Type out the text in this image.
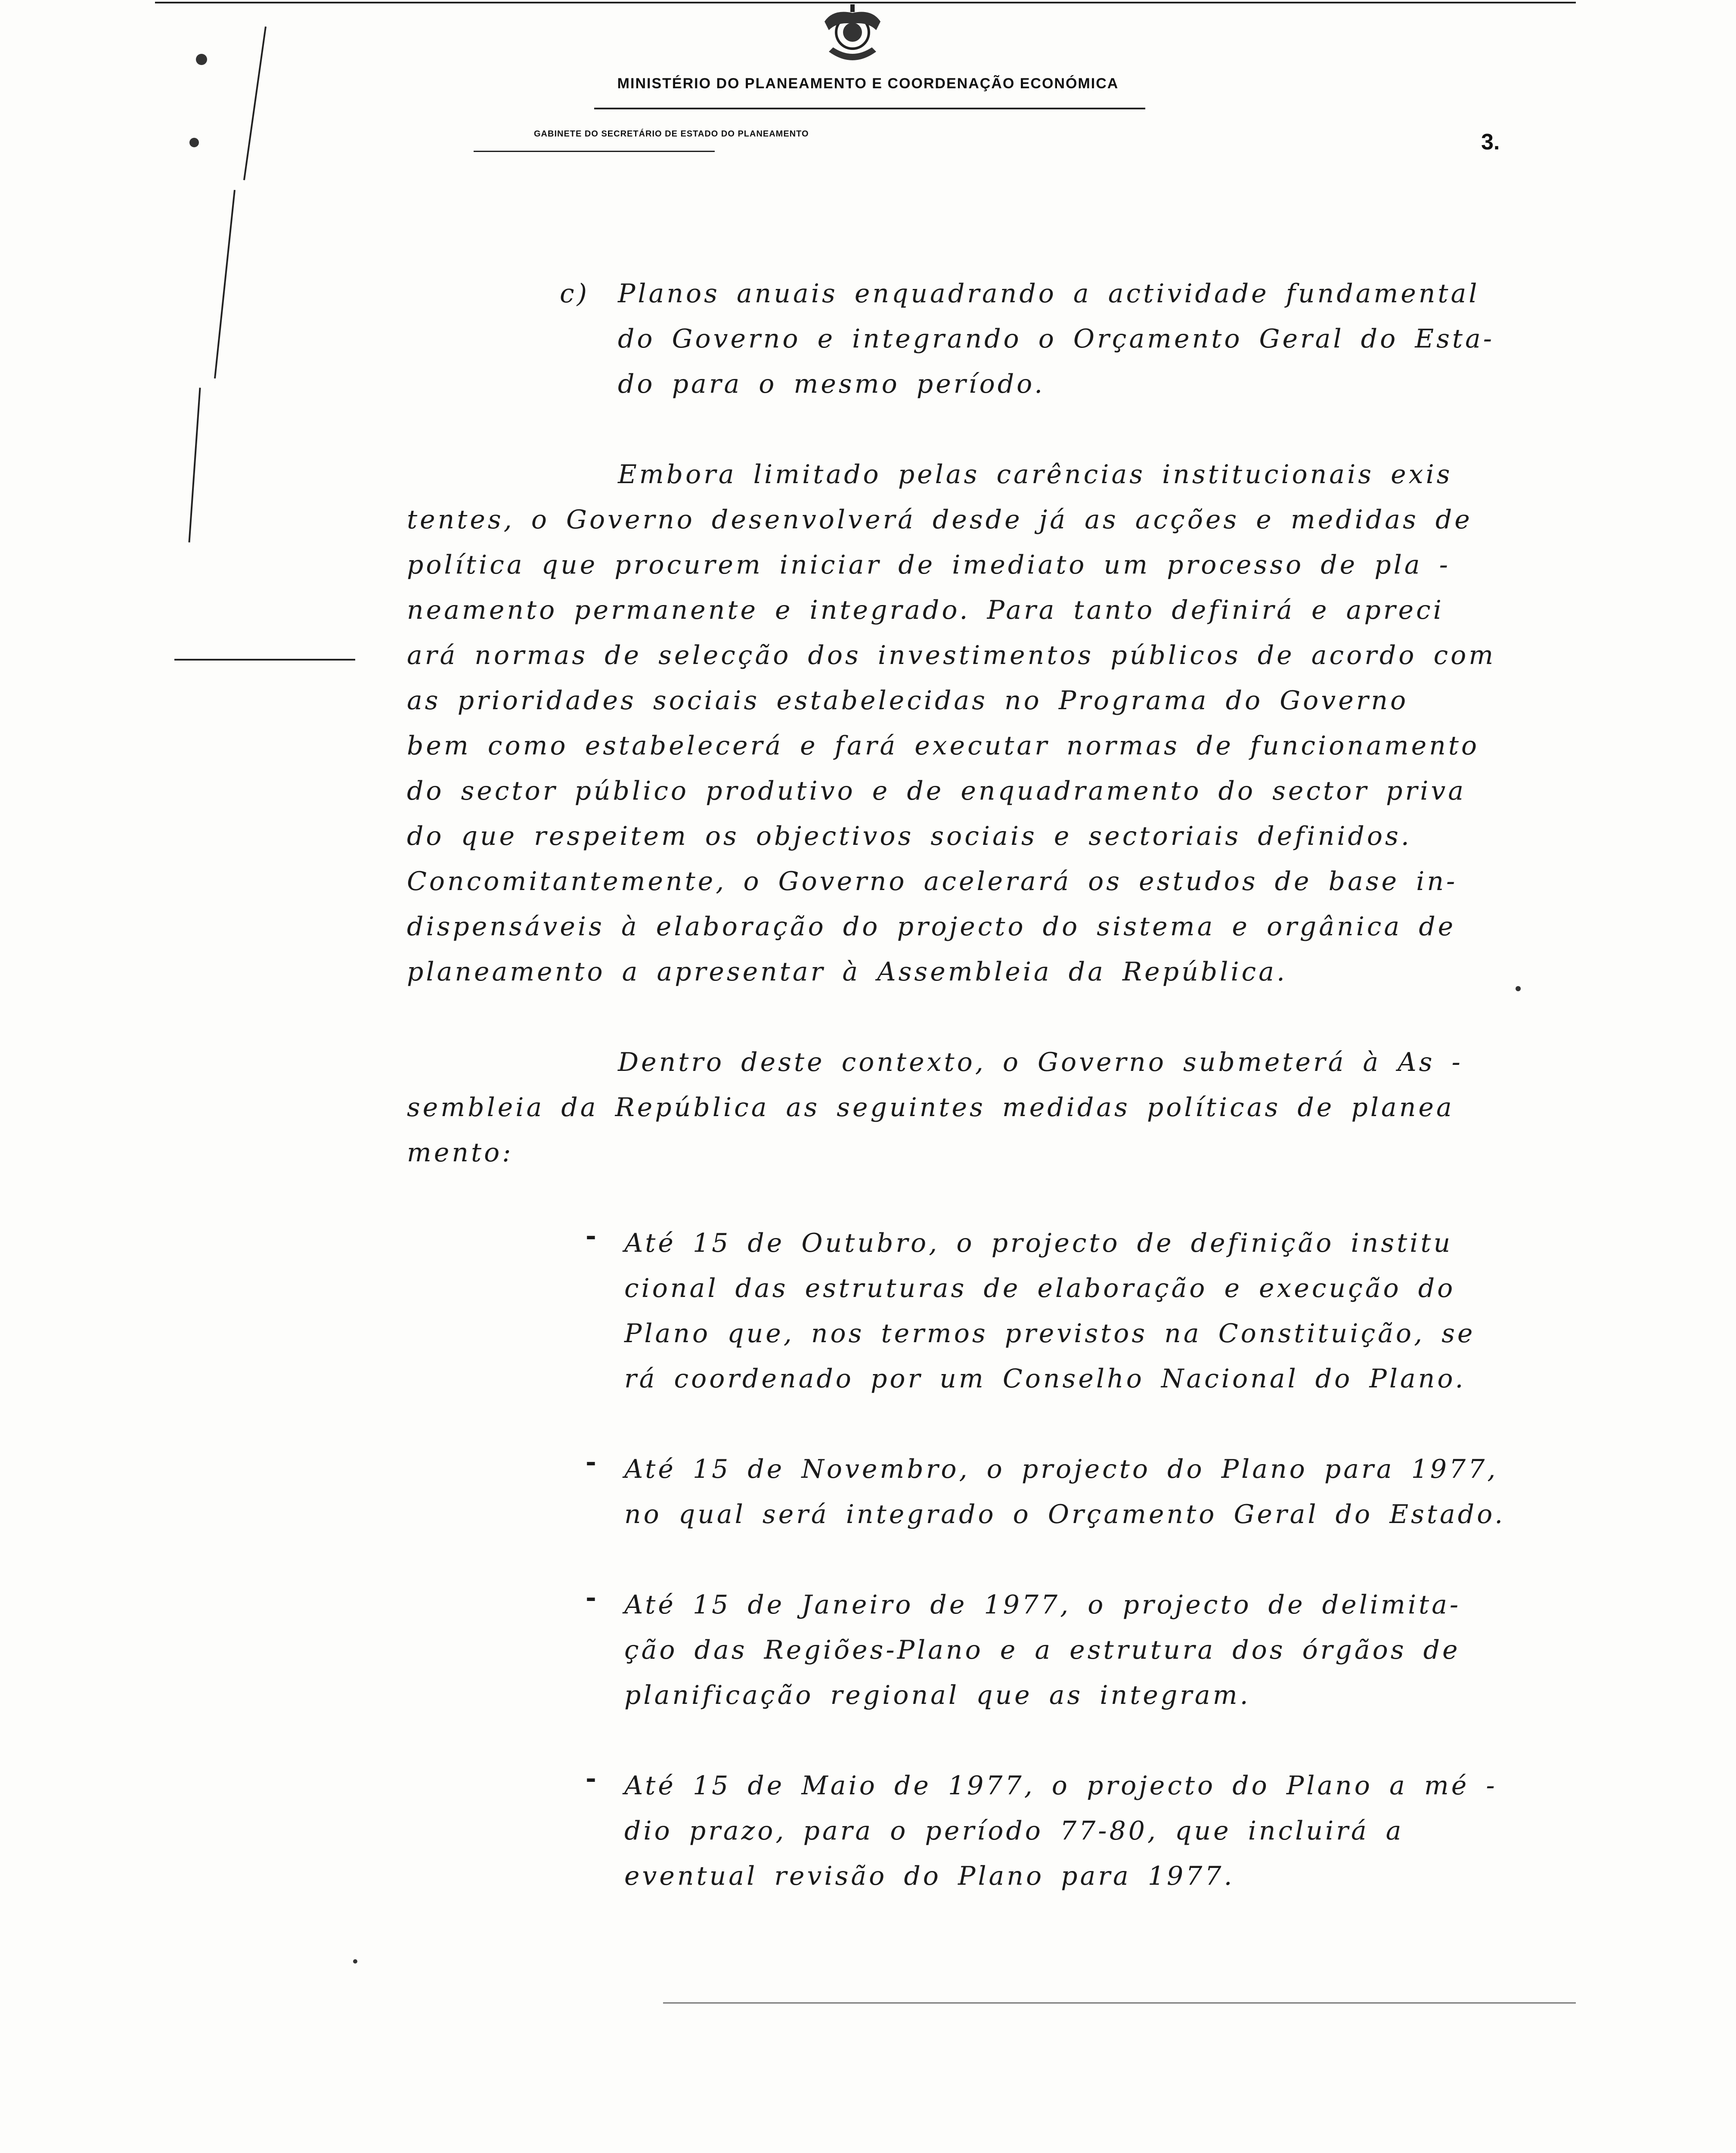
MINISTÉRIO DO PLANEAMENTO E COORDENAÇÃO ECONÓMICA
GABINETE DO SECRETÁRIO DE ESTADO DO PLANEAMENTO	3.
c) Planos anuais enquadrando a actividade fundamental
do Governo e integrando o Orçamento Geral do Esta-
do para o mesmo período.
Embora limitado pelas carências institucionais exis
tentes, o Governo desenvolverá desde já as acções e medidas de
política que procurem iniciar de imediato um processo de pla -
neamento permanente e integrado. Para tanto definirá e apreci
ará normas de selecção dos investimentos públicos de acordo com
as prioridades sociais estabelecidas no Programa do Governo
bem como estabelecerá e fará executar normas de funcionamento
do sector público produtivo e de enquadramento do sector priva
do que respeitem os objectivos sociais e sectoriais definidos.
Concomitantemente, o Governo acelerará os estudos de base in-
dispensáveis à elaboração do projecto do sistema e orgânica de
planeamento a apresentar à Assembleia da República.
Dentro deste contexto, o Governo submeterá à As -
sembleia da República as seguintes medidas políticas de planea
mento:
- Até 15 de Outubro, o projecto de definição institu
cional das estruturas de elaboração e execução do
Plano que, nos termos previstos na Constituição, se
rá coordenado por um Conselho Nacional do Plano.
- Até 15 de Novembro, o projecto do Plano para 1977,
no qual será integrado o Orçamento Geral do Estado.
- Até 15 de Janeiro de 1977, o projecto de delimita-
ção das Regiões-Plano e a estrutura dos órgãos de
planificação regional que as integram.
- Até 15 de Maio de 1977, o projecto do Plano a mé -
dio prazo, para o período 77-80, que incluirá a
eventual revisão do Plano para 1977.
